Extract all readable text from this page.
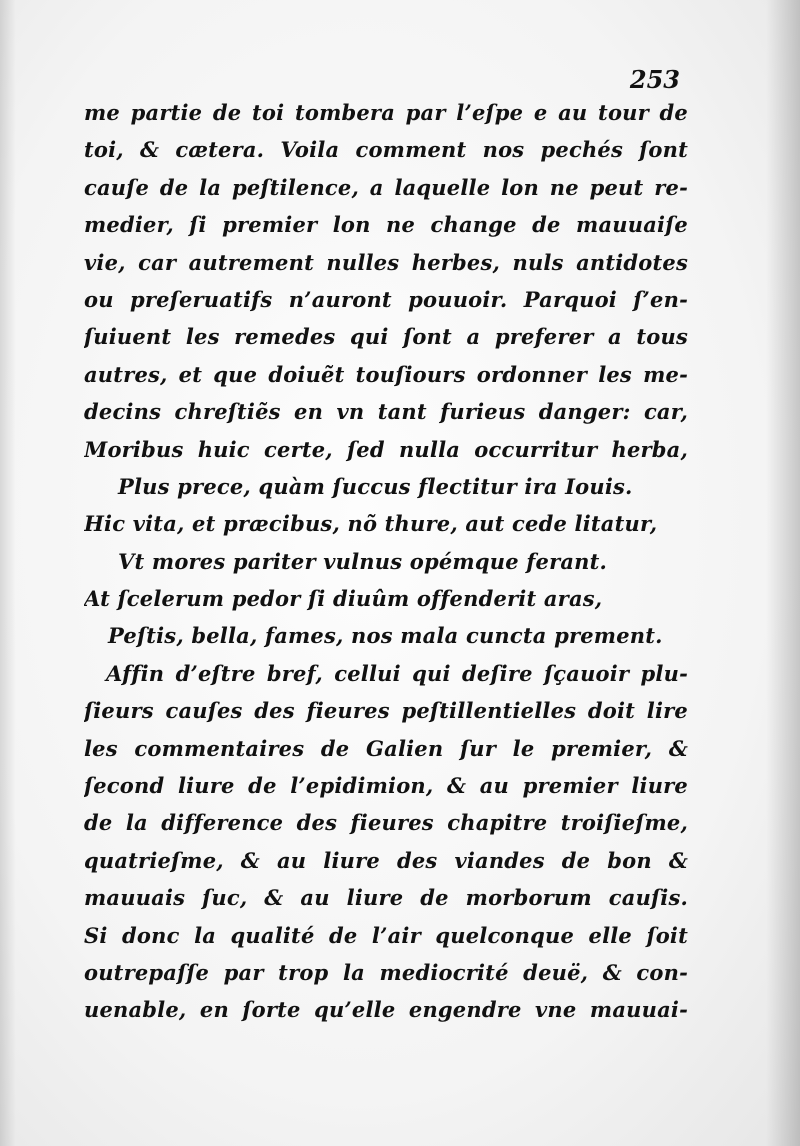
253
me partie de toi tombera par l’eſpe e au tour de
toi, & cætera. Voila comment nos pechés ſont
cauſe de la peſtilence, a laquelle lon ne peut re-
medier, ſi premier lon ne change de mauuaiſe
vie, car autrement nulles herbes, nuls antidotes
ou preſeruatifs n’auront pouuoir. Parquoi ſ’en-
ſuiuent les remedes qui ſont a preferer a tous
autres, et que doiuẽt touſiours ordonner les me-
decins chreſtiẽs en vn tant furieus danger: car,
Moribus huic certe, ſed nulla occurritur herba,
Plus prece, quàm ſuccus flectitur ira Iouis.
Hic vita, et præcibus, nõ thure, aut cede litatur,
Vt mores pariter vulnus opémque ferant.
At ſcelerum pedor ſi diuûm offenderit aras,
Peſtis, bella, fames, nos mala cuncta prement.
Affin d’eſtre bref, cellui qui deſire ſçauoir plu-
ſieurs cauſes des fieures peſtillentielles doit lire
les commentaires de Galien ſur le premier, &
ſecond liure de l’epidimion, & au premier liure
de la difference des fieures chapitre troiſieſme,
quatrieſme, & au liure des viandes de bon &
mauuais ſuc, & au liure de morborum cauſis.
Si donc la qualité de l’air quelconque elle ſoit
outrepaſſe par trop la mediocrité deuë, & con-
uenable, en ſorte qu’elle engendre vne mauuai-
